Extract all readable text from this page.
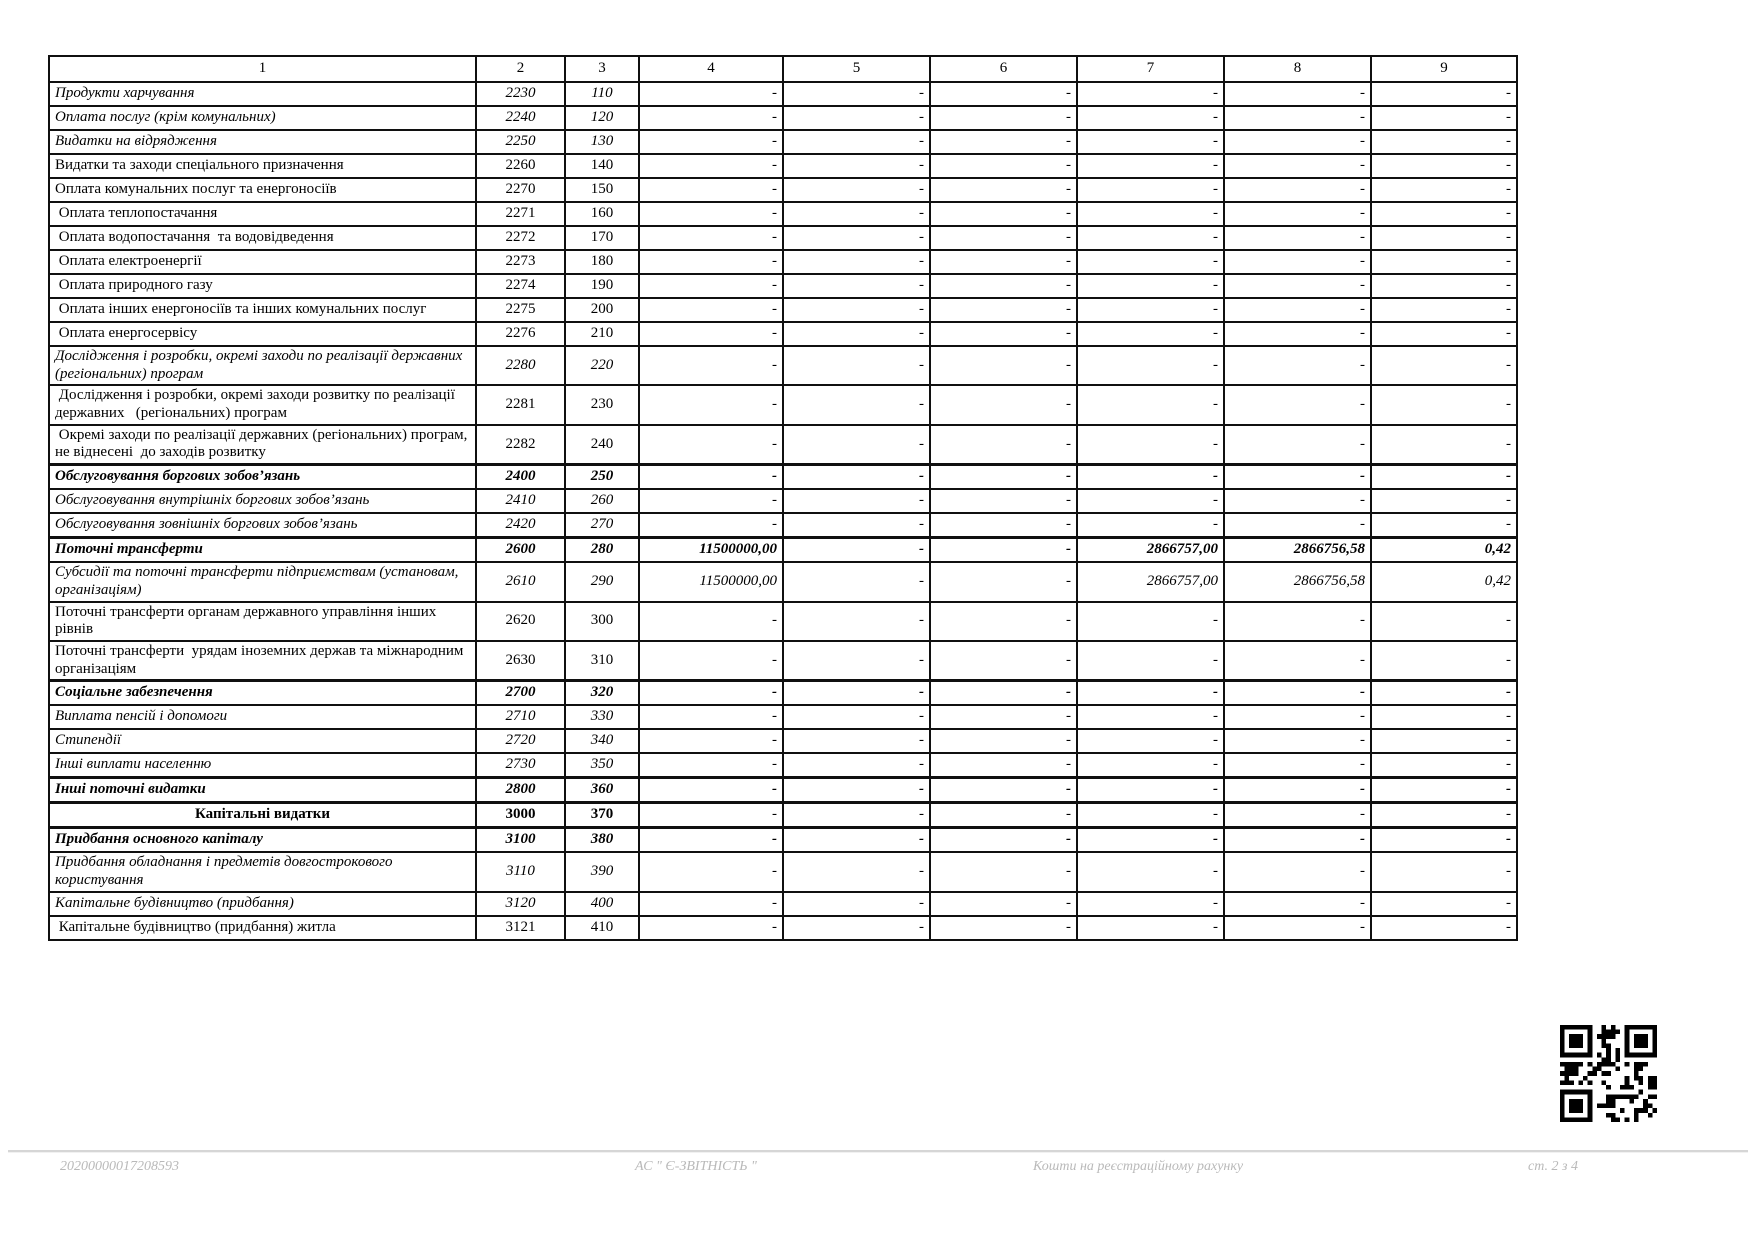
1	2	3	4	5	6	7	8	9
Продукти харчування	2230	110	-	-	-	-	-	-
Оплата послуг (крім комунальних)	2240	120	-	-	-	-	-	-
Видатки на відрядження	2250	130	-	-	-	-	-	-
Видатки та заходи спеціального призначення	2260	140	-	-	-	-	-	-
Оплата комунальних послуг та енергоносіїв	2270	150	-	-	-	-	-	-
Оплата теплопостачання	2271	160	-	-	-	-	-	-
Оплата водопостачання  та водовідведення	2272	170	-	-	-	-	-	-
Оплата електроенергії	2273	180	-	-	-	-	-	-
Оплата природного газу	2274	190	-	-	-	-	-	-
Оплата інших енергоносіїв та інших комунальних послуг	2275	200	-	-	-	-	-	-
Оплата енергосервісу	2276	210	-	-	-	-	-	-
Дослідження і розробки, окремі заходи по реалізації державних (регіональних) програм	2280	220	-	-	-	-	-	-
Дослідження і розробки, окремі заходи розвитку по реалізації державних   (регіональних) програм	2281	230	-	-	-	-	-	-
Окремі заходи по реалізації державних (регіональних) програм, не віднесені  до заходів розвитку	2282	240	-	-	-	-	-	-
Обслуговування боргових зобов’язань	2400	250	-	-	-	-	-	-
Обслуговування внутрішніх боргових зобов’язань	2410	260	-	-	-	-	-	-
Обслуговування зовнішніх боргових зобов’язань	2420	270	-	-	-	-	-	-
Поточні трансферти	2600	280	11500000,00	-	-	2866757,00	2866756,58	0,42
Субсидії та поточні трансферти підприємствам (установам, організаціям)	2610	290	11500000,00	-	-	2866757,00	2866756,58	0,42
Поточні трансферти органам державного управління інших рівнів	2620	300	-	-	-	-	-	-
Поточні трансферти  урядам іноземних держав та міжнародним організаціям	2630	310	-	-	-	-	-	-
Соціальне забезпечення	2700	320	-	-	-	-	-	-
Виплата пенсій і допомоги	2710	330	-	-	-	-	-	-
Стипендії	2720	340	-	-	-	-	-	-
Інші виплати населенню	2730	350	-	-	-	-	-	-
Інші поточні видатки	2800	360	-	-	-	-	-	-
Капітальні видатки	3000	370	-	-	-	-	-	-
Придбання основного капіталу	3100	380	-	-	-	-	-	-
Придбання обладнання і предметів довгострокового користування	3110	390	-	-	-	-	-	-
Капітальне будівництво (придбання)	3120	400	-	-	-	-	-	-
Капітальне будівництво (придбання) житла	3121	410	-	-	-	-	-	-
20200000017208593	АС " Є-ЗВІТНІСТЬ "	Кошти на реєстраційному рахунку	ст. 2 з 4
